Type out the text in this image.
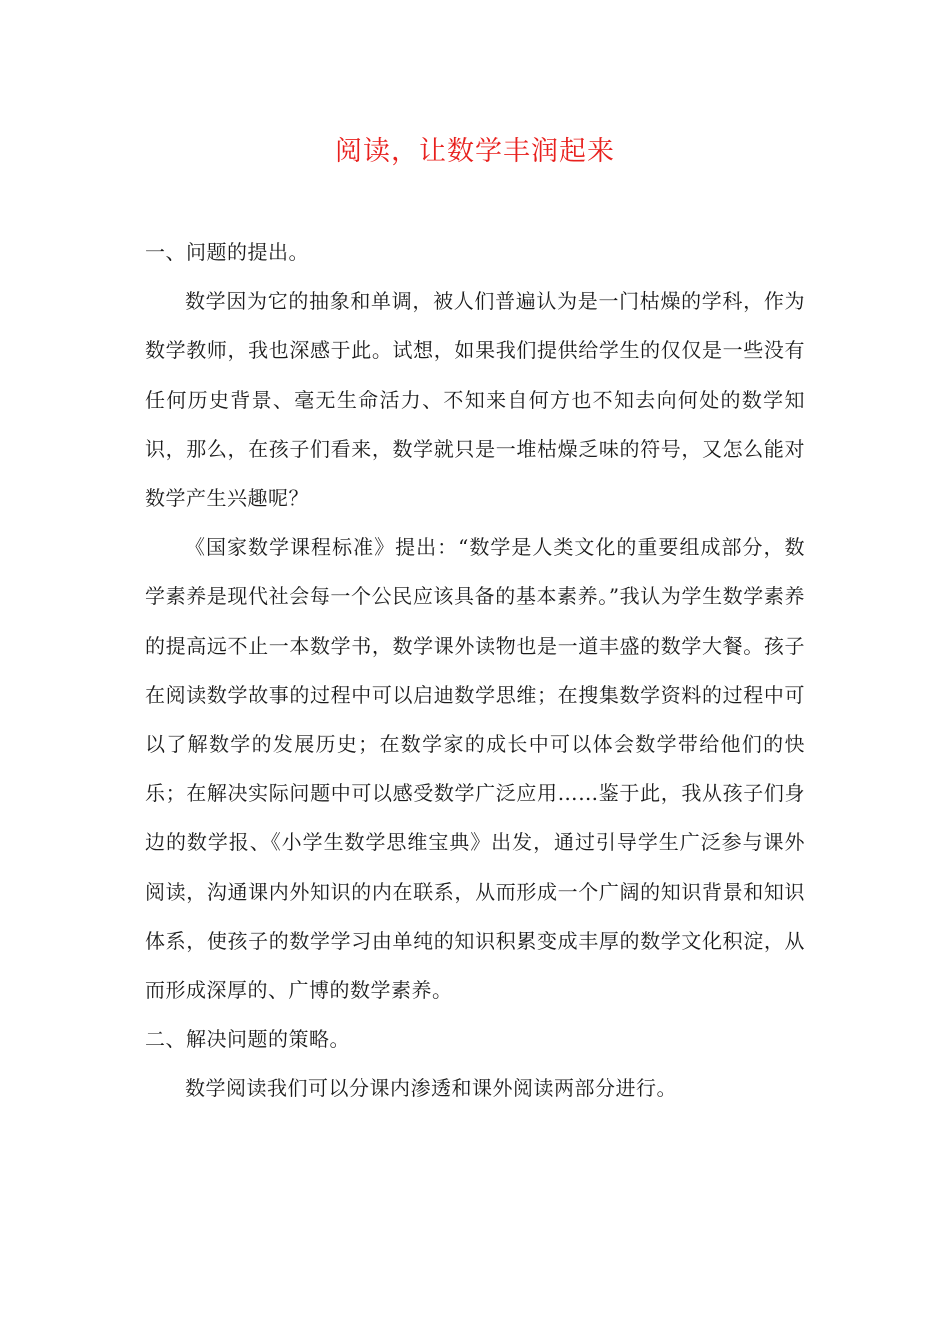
阅读，让数学丰润起来
一、问题的提出。

数学因为它的抽象和单调，被人们普遍认为是一门枯燥的学科，作为数学教师，我也深感于此。试想，如果我们提供给学生的仅仅是一些没有任何历史背景、毫无生命活力、不知来自何方也不知去向何处的数学知识，那么，在孩子们看来，数学就只是一堆枯燥乏味的符号，又怎么能对数学产生兴趣呢？

《国家数学课程标准》提出：“数学是人类文化的重要组成部分，数学素养是现代社会每一个公民应该具备的基本素养。”我认为学生数学素养的提高远不止一本数学书，数学课外读物也是一道丰盛的数学大餐。孩子在阅读数学故事的过程中可以启迪数学思维；在搜集数学资料的过程中可以了解数学的发展历史；在数学家的成长中可以体会数学带给他们的快乐；在解决实际问题中可以感受数学广泛应用……鉴于此，我从孩子们身边的数学报、《小学生数学思维宝典》出发，通过引导学生广泛参与课外阅读，沟通课内外知识的内在联系，从而形成一个广阔的知识背景和知识体系，使孩子的数学学习由单纯的知识积累变成丰厚的数学文化积淀，从而形成深厚的、广博的数学素养。

二、解决问题的策略。

数学阅读我们可以分课内渗透和课外阅读两部分进行。
